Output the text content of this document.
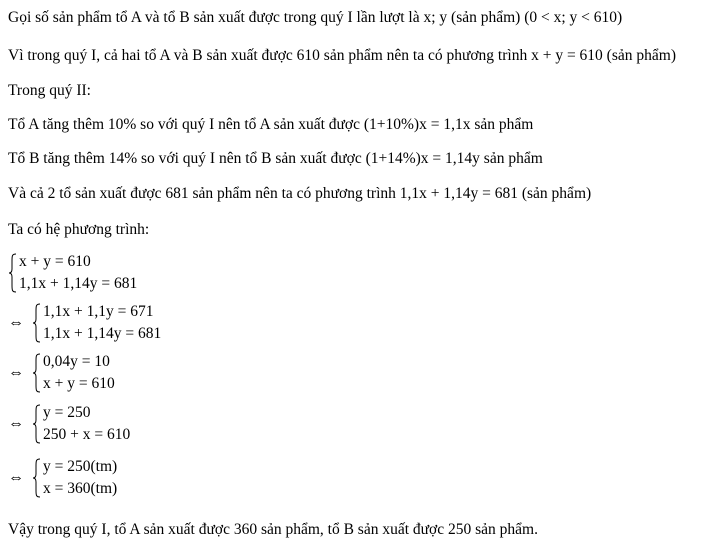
Gọi số sản phẩm tổ A và tổ B sản xuất được trong quý I lần lượt là x; y (sản phẩm) (0 < x; y < 610)
Vì trong quý I, cả hai tổ A và B sản xuất được 610 sản phẩm nên ta có phương trình x + y = 610 (sản phẩm)
Trong quý II:
Tổ A tăng thêm 10% so với quý I nên tổ A sản xuất được (1+10%)x = 1,1x sản phẩm
Tổ B tăng thêm 14% so với quý I nên tổ B sản xuất được (1+14%)x = 1,14y sản phẩm
Và cả 2 tổ sản xuất được 681 sản phẩm nên ta có phương trình 1,1x + 1,14y = 681 (sản phẩm)
Ta có hệ phương trình:
x + y = 610
1,1x + 1,14y = 681
⇔
1,1x + 1,1y = 671
1,1x + 1,14y = 681
⇔
0,04y = 10
x + y = 610
⇔
y = 250
250 + x = 610
⇔
y = 250(tm)
x = 360(tm)
Vậy trong quý I, tổ A sản xuất được 360 sản phẩm, tổ B sản xuất được 250 sản phẩm.
